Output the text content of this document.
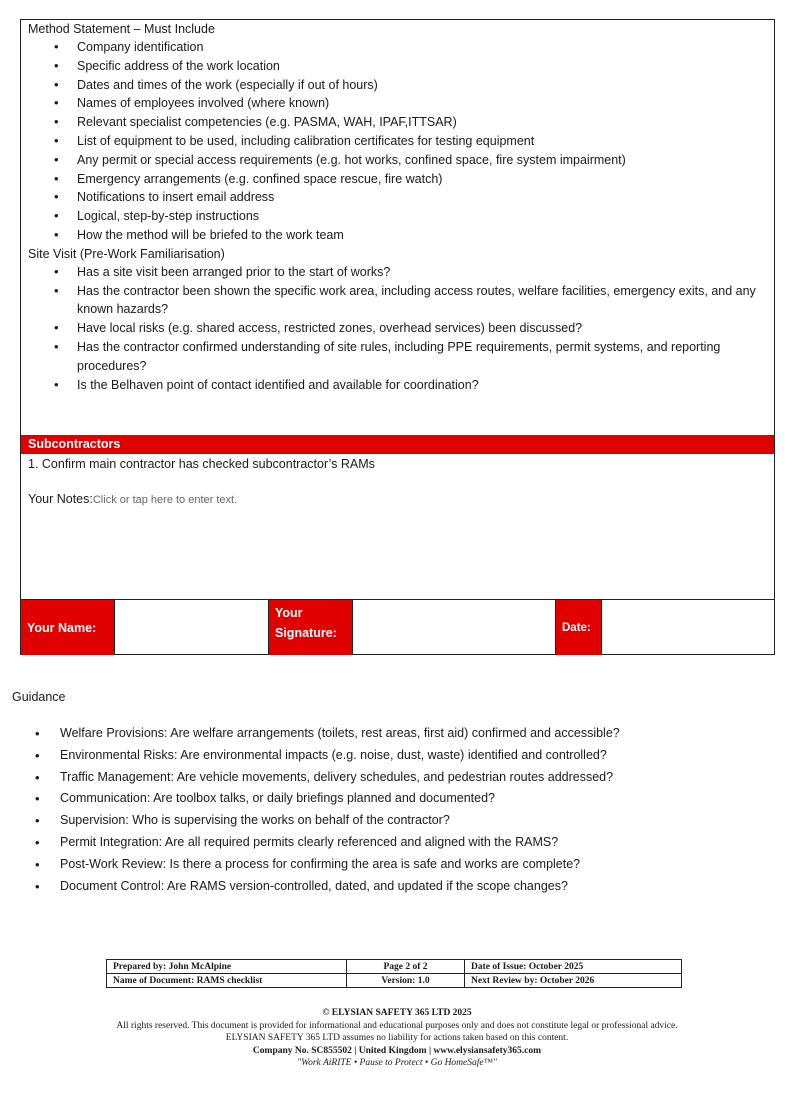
Method Statement – Must Include
• Company identification
• Specific address of the work location
• Dates and times of the work (especially if out of hours)
• Names of employees involved (where known)
• Relevant specialist competencies (e.g. PASMA, WAH, IPAF,ITTSAR)
• List of equipment to be used, including calibration certificates for testing equipment
• Any permit or special access requirements (e.g. hot works, confined space, fire system impairment)
• Emergency arrangements (e.g. confined space rescue, fire watch)
• Notifications to insert email address
• Logical, step-by-step instructions
• How the method will be briefed to the work team
Site Visit (Pre-Work Familiarisation)
• Has a site visit been arranged prior to the start of works?
• Has the contractor been shown the specific work area, including access routes, welfare facilities, emergency exits, and any known hazards?
• Have local risks (e.g. shared access, restricted zones, overhead services) been discussed?
• Has the contractor confirmed understanding of site rules, including PPE requirements, permit systems, and reporting procedures?
• Is the Belhaven point of contact identified and available for coordination?
Subcontractors
1. Confirm main contractor has checked subcontractor’s RAMs
Your Notes:Click or tap here to enter text.
Your Name:
Your Signature:	Date:
Guidance
• Welfare Provisions: Are welfare arrangements (toilets, rest areas, first aid) confirmed and accessible?
• Environmental Risks: Are environmental impacts (e.g. noise, dust, waste) identified and controlled?
• Traffic Management: Are vehicle movements, delivery schedules, and pedestrian routes addressed?
• Communication: Are toolbox talks, or daily briefings planned and documented?
• Supervision: Who is supervising the works on behalf of the contractor?
• Permit Integration: Are all required permits clearly referenced and aligned with the RAMS?
• Post-Work Review: Is there a process for confirming the area is safe and works are complete?
• Document Control: Are RAMS version-controlled, dated, and updated if the scope changes?
Prepared by: John McAlpine	Page 2 of 2	Date of Issue: October 2025
Name of Document: RAMS checklist	Version: 1.0	Next Review by: October 2026
© ELYSIAN SAFETY 365 LTD 2025
All rights reserved. This document is provided for informational and educational purposes only and does not constitute legal or professional advice.
ELYSIAN SAFETY 365 LTD assumes no liability for actions taken based on this content.
Company No. SC855502 | United Kingdom | www.elysiansafety365.com
"Work AiRITE • Pause to Protect • Go HomeSafe™"
